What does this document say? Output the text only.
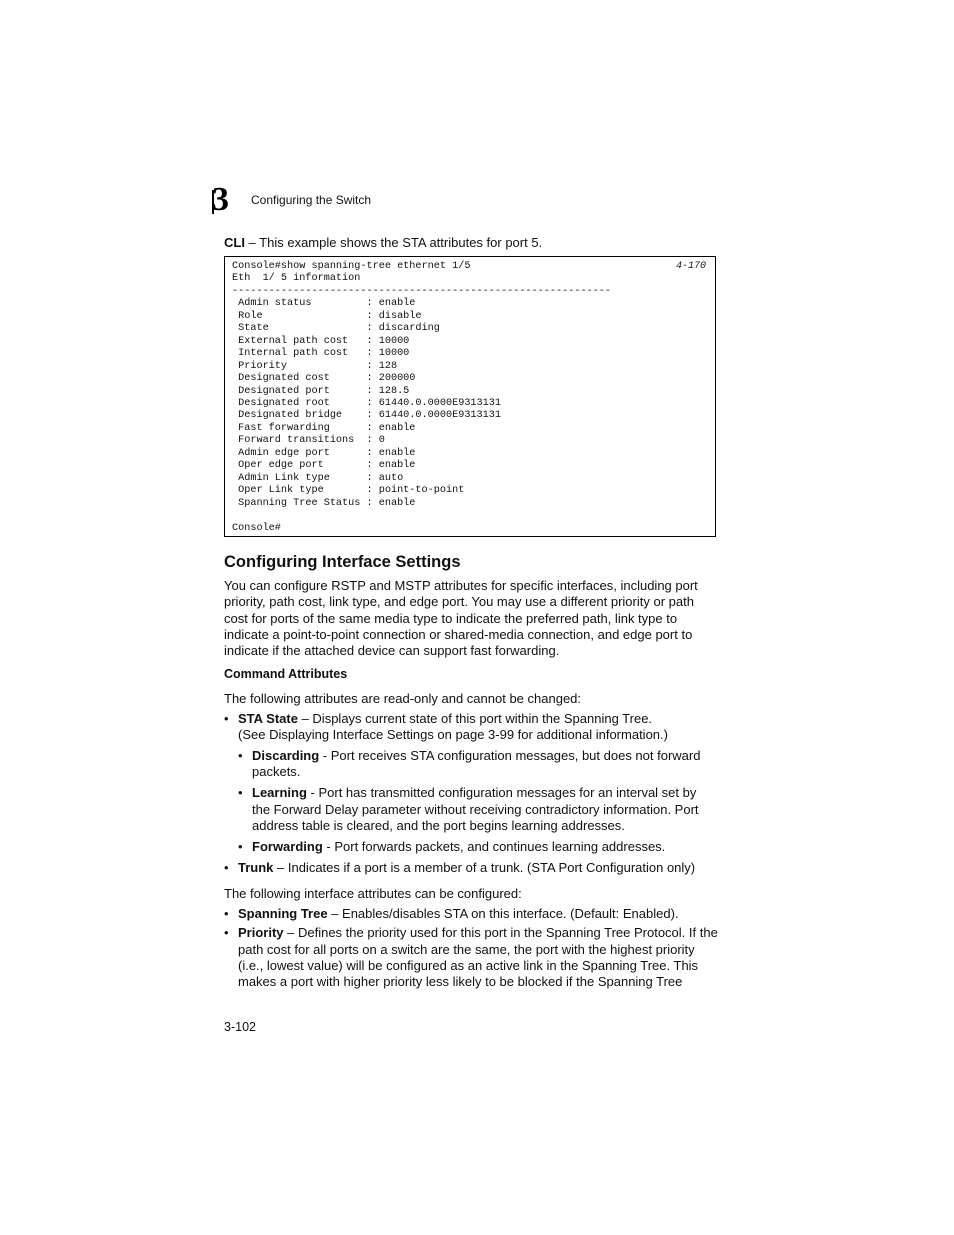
3	Configuring the Switch
CLI – This example shows the STA attributes for port 5.
Console#show spanning-tree ethernet 1/5
Eth  1/ 5 information
--------------------------------------------------------------
Admin status         : enable
Role                 : disable
State                : discarding
External path cost   : 10000
Internal path cost   : 10000
Priority             : 128
Designated cost      : 200000
Designated port      : 128.5
Designated root      : 61440.0.0000E9313131
Designated bridge    : 61440.0.0000E9313131
Fast forwarding      : enable
Forward transitions  : 0
Admin edge port      : enable
Oper edge port       : enable
Admin Link type      : auto
Oper Link type       : point-to-point
Spanning Tree Status : enable

Console#
4-170
Configuring Interface Settings

You can configure RSTP and MSTP attributes for specific interfaces, including port priority, path cost, link type, and edge port. You may use a different priority or path cost for ports of the same media type to indicate the preferred path, link type to indicate a point-to-point connection or shared-media connection, and edge port to indicate if the attached device can support fast forwarding.

Command Attributes

The following attributes are read-only and cannot be changed:

• STA State – Displays current state of this port within the Spanning Tree.
(See Displaying Interface Settings on page 3-99 for additional information.)
• Discarding - Port receives STA configuration messages, but does not forward packets.
• Learning - Port has transmitted configuration messages for an interval set by the Forward Delay parameter without receiving contradictory information. Port address table is cleared, and the port begins learning addresses.
• Forwarding - Port forwards packets, and continues learning addresses.
• Trunk – Indicates if a port is a member of a trunk. (STA Port Configuration only)

The following interface attributes can be configured:

• Spanning Tree – Enables/disables STA on this interface. (Default: Enabled).
• Priority – Defines the priority used for this port in the Spanning Tree Protocol. If the path cost for all ports on a switch are the same, the port with the highest priority (i.e., lowest value) will be configured as an active link in the Spanning Tree. This makes a port with higher priority less likely to be blocked if the Spanning Tree
3-102
